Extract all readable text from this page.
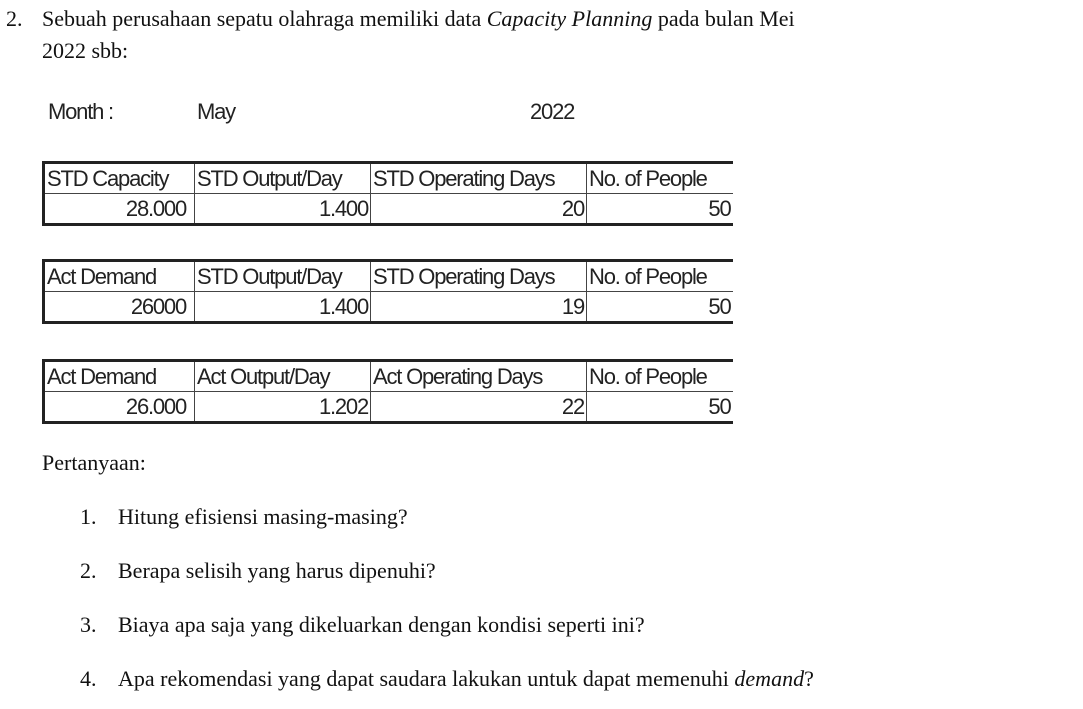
2. Sebuah perusahaan sepatu olahraga memiliki data Capacity Planning pada bulan Mei
2022 sbb:
Month :	May	2022
STD Capacity	STD Output/Day	STD Operating Days	No. of People
28.000	1.400	20	50
Act Demand	STD Output/Day	STD Operating Days	No. of People
26000	1.400	19	50
Act Demand	Act Output/Day	Act Operating Days	No. of People
26.000	1.202	22	50
Pertanyaan:
1. Hitung efisiensi masing-masing?
2. Berapa selisih yang harus dipenuhi?
3. Biaya apa saja yang dikeluarkan dengan kondisi seperti ini?
4. Apa rekomendasi yang dapat saudara lakukan untuk dapat memenuhi demand?
